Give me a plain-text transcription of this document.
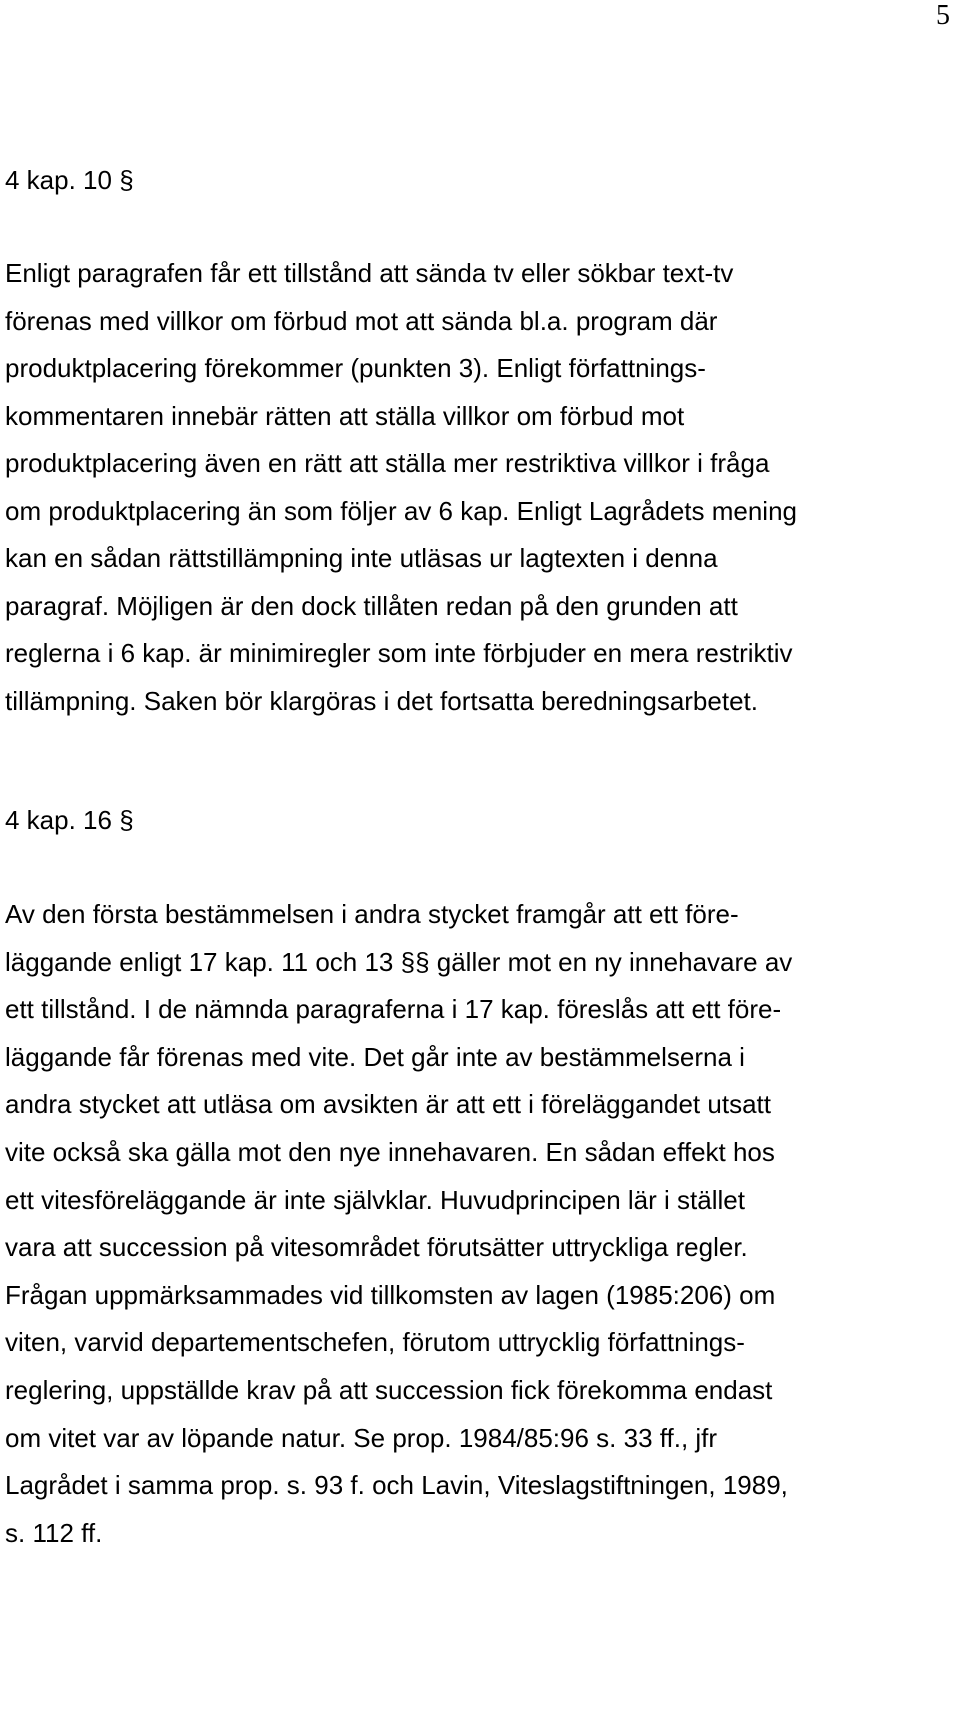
5
4 kap. 10 §
Enligt paragrafen får ett tillstånd att sända tv eller sökbar text-tv
förenas med villkor om förbud mot att sända bl.a. program där
produktplacering förekommer (punkten 3). Enligt författnings-
kommentaren innebär rätten att ställa villkor om förbud mot
produktplacering även en rätt att ställa mer restriktiva villkor i fråga
om produktplacering än som följer av 6 kap. Enligt Lagrådets mening
kan en sådan rättstillämpning inte utläsas ur lagtexten i denna
paragraf. Möjligen är den dock tillåten redan på den grunden att
reglerna i 6 kap. är minimiregler som inte förbjuder en mera restriktiv
tillämpning. Saken bör klargöras i det fortsatta beredningsarbetet.
4 kap. 16 §
Av den första bestämmelsen i andra stycket framgår att ett före-
läggande enligt 17 kap. 11 och 13 §§ gäller mot en ny innehavare av
ett tillstånd. I de nämnda paragraferna i 17 kap. föreslås att ett före-
läggande får förenas med vite. Det går inte av bestämmelserna i
andra stycket att utläsa om avsikten är att ett i föreläggandet utsatt
vite också ska gälla mot den nye innehavaren. En sådan effekt hos
ett vitesföreläggande är inte självklar. Huvudprincipen lär i stället
vara att succession på vitesområdet förutsätter uttryckliga regler.
Frågan uppmärksammades vid tillkomsten av lagen (1985:206) om
viten, varvid departementschefen, förutom uttrycklig författnings-
reglering, uppställde krav på att succession fick förekomma endast
om vitet var av löpande natur. Se prop. 1984/85:96 s. 33 ff., jfr
Lagrådet i samma prop. s. 93 f. och Lavin, Viteslagstiftningen, 1989,
s. 112 ff.
